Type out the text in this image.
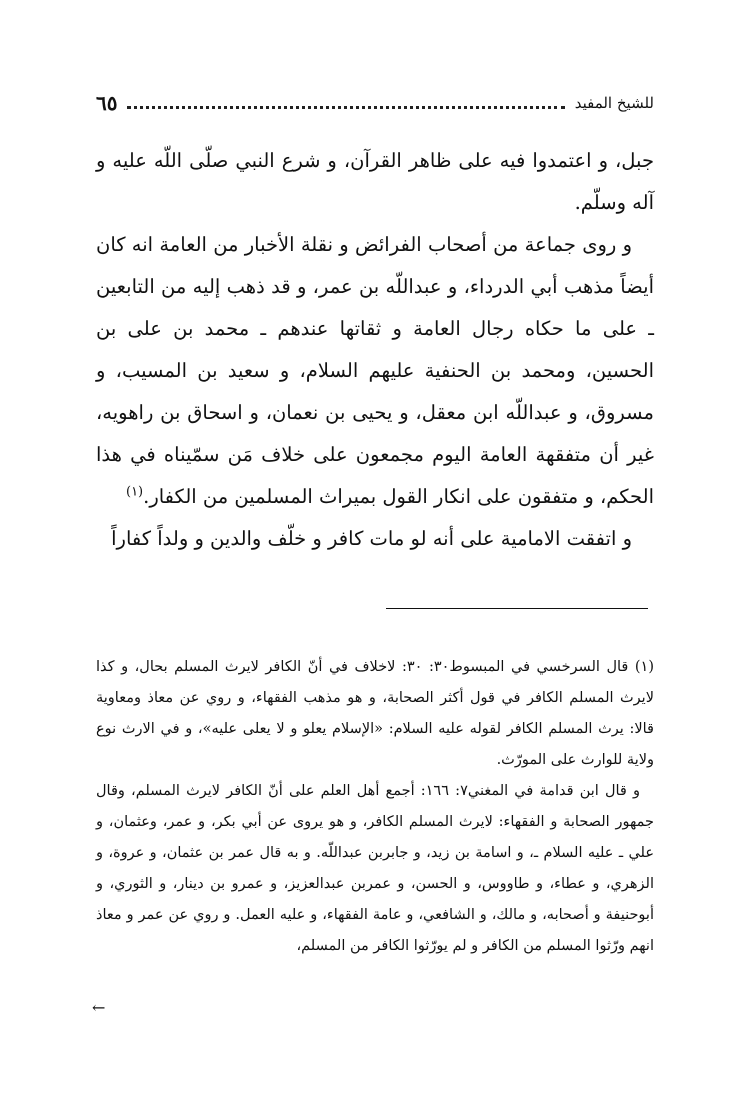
٦٥	للشيخ المفيد

جبل، و اعتمدوا فيه على ظاهر القرآن، و شرع النبي صلّى اللّه عليه و آله وسلّم.

و روى جماعة من أصحاب الفرائض و نقلة الأخبار من العامة انه كان أيضاً مذهب أبي الدرداء، و عبداللّه بن عمر، و قد ذهب إليه من التابعين ـ على ما حكاه رجال العامة و ثقاتها عندهم ـ محمد بن على بن الحسين، ومحمد بن الحنفية عليهم السلام، و سعيد بن المسيب، و مسروق، و عبداللّه ابن معقل، و يحيى بن نعمان، و اسحاق بن راهويه، غير أن متفقهة العامة اليوم مجمعون على خلاف مَن سمّيناه في هذا الحكم، و متفقون على انكار القول بميراث المسلمين من الكفار.$^{(١)}$

و اتفقت الامامية على أنه لو مات كافر و خلّف والدين و ولداً كفاراً

(١) قال السرخسي في المبسوط٣٠: ٣٠: لاخلاف في أنّ الكافر لايرث المسلم بحال، و كذا لايرث المسلم الكافر في قول أكثر الصحابة، و هو مذهب الفقهاء، و روي عن معاذ ومعاوية قالا: يرث المسلم الكافر لقوله عليه السلام: «الإسلام يعلو و لا يعلى عليه»، و في الارث نوع ولاية للوارث على المورّث.

و قال ابن قدامة في المغني٧: ١٦٦: أجمع أهل العلم على أنّ الكافر لايرث المسلم، وقال جمهور الصحابة و الفقهاء: لايرث المسلم الكافر، و هو يروى عن أبي بكر، و عمر، وعثمان، و علي ـ عليه السلام ـ، و اسامة بن زيد، و جابربن عبداللّه. و به قال عمر بن عثمان، و عروة، و الزهري، و عطاء، و طاووس، و الحسن، و عمربن عبدالعزيز، و عمرو بن دينار، و الثوري، و أبوحنيفة و أصحابه، و مالك، و الشافعي، و عامة الفقهاء، و عليه العمل. و روي عن عمر و معاذ انهم ورّثوا المسلم من الكافر و لم يورّثوا الكافر من المسلم،

←
